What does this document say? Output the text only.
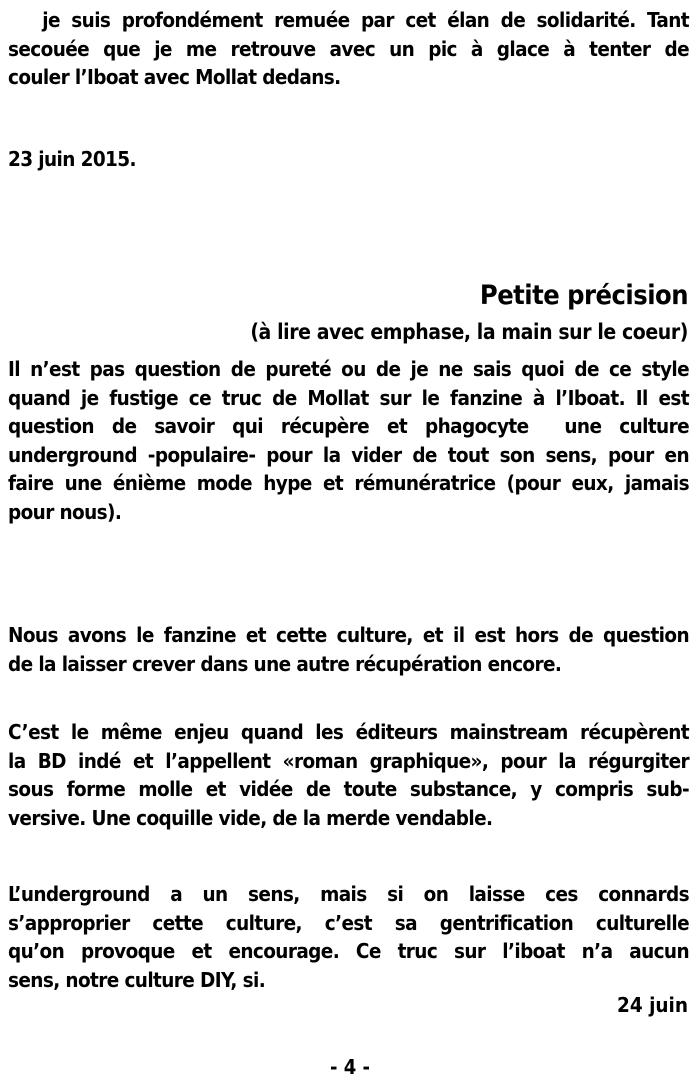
je suis profondément remuée par cet élan de solidarité. Tant
secouée que je me retrouve avec un pic à glace à tenter de
couler l’Iboat avec Mollat dedans.
23 juin 2015.
Petite précision
(à lire avec emphase, la main sur le coeur)
Il n’est pas question de pureté ou de je ne sais quoi de ce style
quand je fustige ce truc de Mollat sur le fanzine à l’Iboat. Il est
question de savoir qui récupère et phagocyte  une culture
underground -populaire- pour la vider de tout son sens, pour en
faire une énième mode hype et rémunératrice (pour eux, jamais
pour nous).
Nous avons le fanzine et cette culture, et il est hors de question
de la laisser crever dans une autre récupération encore.
C’est le même enjeu quand les éditeurs mainstream récupèrent
la BD indé et l’appellent «roman graphique», pour la régurgiter
sous forme molle et vidée de toute substance, y compris sub-
versive. Une coquille vide, de la merde vendable.
L’underground a un sens, mais si on laisse ces connards
s’approprier cette culture, c’est sa gentrification culturelle
qu’on provoque et encourage. Ce truc sur l’iboat n’a aucun
sens, notre culture DIY, si.
24 juin
- 4 -
